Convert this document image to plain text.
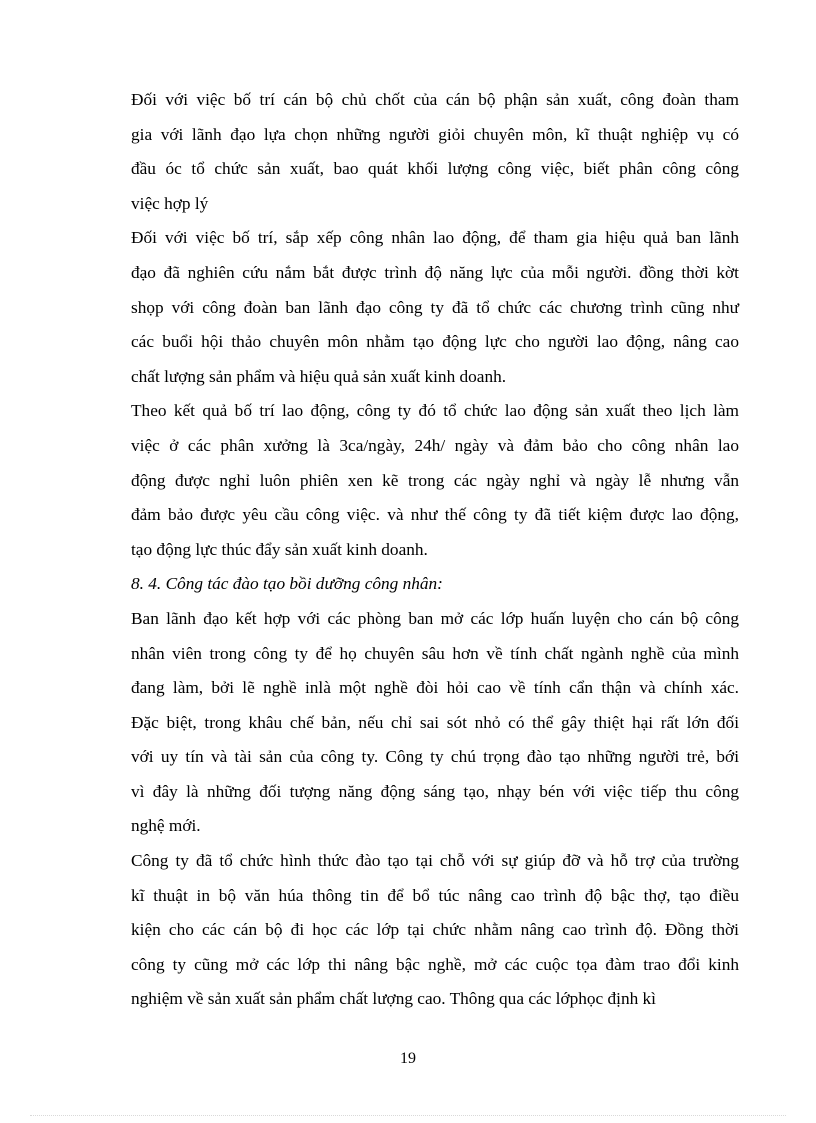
Đối với việc bố trí cán bộ chủ chốt của cán bộ phận sản xuất, công đoàn tham
gia với lãnh đạo lựa chọn những người giỏi chuyên môn, kĩ thuật nghiệp vụ có
đầu óc tổ chức sản xuất, bao quát khối lượng công việc, biết phân công công
việc hợp lý
Đối với việc bố trí, sắp xếp công nhân lao động, để tham gia hiệu quả ban lãnh
đạo đã nghiên cứu nắm bắt được trình độ năng lực của mỗi người. đồng thời kờt
shọp với công đoàn ban lãnh đạo công ty đã tổ chức các chương trình cũng như
các buổi hội thảo chuyên môn nhằm tạo động lực cho người lao động, nâng cao
chất lượng sản phẩm và hiệu quả sản xuất kinh doanh.
Theo kết quả bố trí lao động, công ty đó tổ chức lao động sản xuất theo lịch làm
việc ở các phân xưởng là 3ca/ngày, 24h/ ngày và đảm bảo cho công nhân lao
động được nghỉ luôn phiên xen kẽ trong các ngày nghỉ và ngày lễ nhưng vẫn
đảm bảo được yêu cầu công việc. và như thế công ty đã tiết kiệm được lao động,
tạo động lực thúc đẩy sản xuất kinh doanh.
8. 4. Công tác đào tạo bồi dưỡng công nhân:
Ban lãnh đạo kết hợp với các phòng ban mở các lớp huấn luyện cho cán bộ công
nhân viên trong công ty để họ chuyên sâu hơn về tính chất ngành nghề của mình
đang làm, bởi lẽ nghề inlà một nghề đòi hỏi cao về tính cẩn thận và chính xác.
Đặc biệt, trong khâu chế bản, nếu chỉ sai sót nhỏ có thể gây thiệt hại rất lớn đối
với uy tín và tài sản của công ty. Công ty chú trọng đào tạo những người trẻ, bới
vì đây là những đối tượng năng động sáng tạo, nhạy bén với việc tiếp thu công
nghệ mới.
Công ty đã tổ chức hình thức đào tạo tại chỗ với sự giúp đỡ và hỗ trợ của trường
kĩ thuật in bộ văn húa thông tin để bổ túc nâng cao trình độ bậc thợ, tạo điều
kiện cho các cán bộ đi học các lớp tại chức nhằm nâng cao trình độ. Đồng thời
công ty cũng mở các lớp thi nâng bậc nghề, mở các cuộc tọa đàm trao đổi kinh
nghiệm về sản xuất sản phẩm chất lượng cao. Thông qua các lớphọc định kì
19
